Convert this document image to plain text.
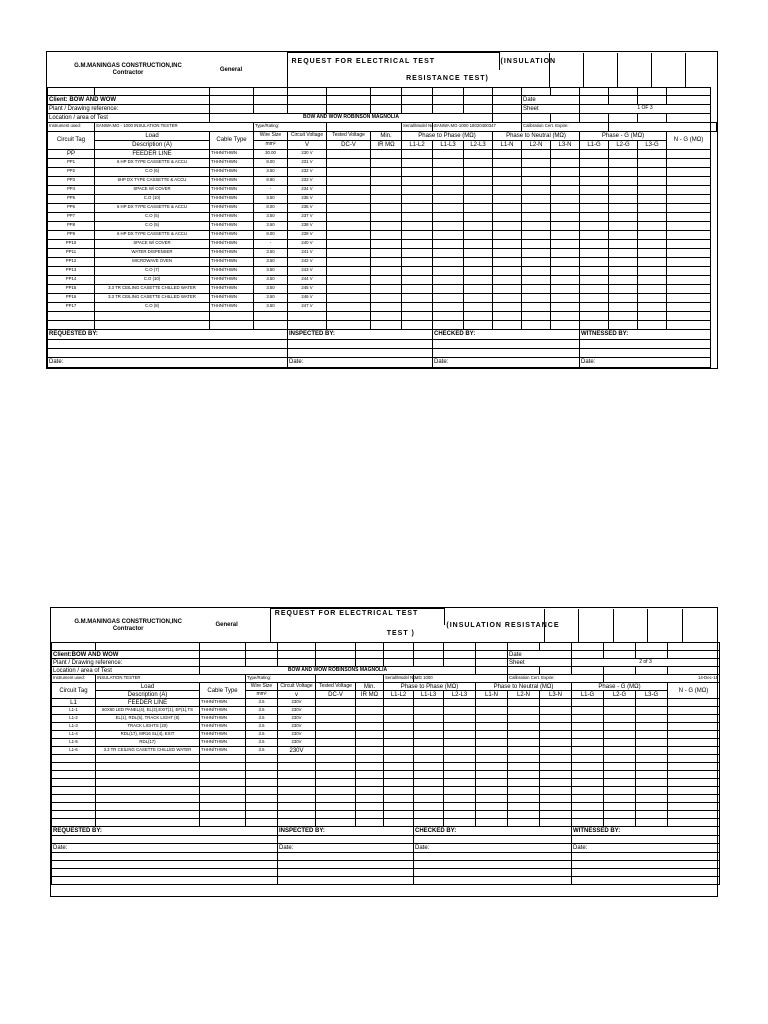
G.M.MANINGAS CONSTRUCTION,INC
Contractor
	General		REQUEST FOR ELECTRICAL TEST	(INSULATION					
RESISTANCE TEST)

Client: BOW AND WOW											Date						
Plant / Drawing reference:											Sheet		1 OF 3				
Location / area of Test		BOW AND WOW ROBINSON MAGNOLIA															
Instrument used:	SANWA MG - 1000 INSULATION TESTER		Type/Rating:				Serial/Model No.:	SANWA MG-1000 18020400347			Calibration Cert. Expire:						
Circuit Tag	Load	Cable Type	Wire Size	Circuit Voltage	Tested Voltage	Min.	Phase to Phase (MΩ)			Phase to Neutral (MΩ)			Phase - G (MΩ)			N - G (MΩ)	
	Description (A)		mm²	V	DC-V	IR MΩ	L1-L2	L1-L3	L2-L3	L1-N	L2-N	L3-N	L1-G	L2-G	L3-G		
PP	FEEDER LINE	THHN/THWN	30.00	230 V													
PP1	6 HP DX TYPE CASSETTE & ACCU	THHN/THWN	8.00	231 V													
PP2	C.O (6)	THHN/THWN	3.50	232 V													
PP3	6HP DX TYPE CASSETTE & ACCU	THHN/THWN	8.80	233 V													
PP4	SPACE W/ COVER	THHN/THWN	-	234 V													
PP5	C.O (10)	THHN/THWN	3.50	235 V													
PP6	6 HP DX TYPE CASSETTE & ACCU	THHN/THWN	8.00	236 V													
PP7	C.O (5)	THHN/THWN	3.50	237 V													
PP8	C.O (5)	THHN/THWN	3.50	238 V													
PP9	6 HP DX TYPE CASSETTE & ACCU	THHN/THWN	8.00	239 V													
PP10	SPACE W/ COVER	THHN/THWN	-	240 V													
PP11	WATER DISPENSER	THHN/THWN	3.50	241 V													
PP12	MICROWAVE OVEN	THHN/THWN	3.50	242 V													
PP13	C.O (7)	THHN/THWN	3.50	243 V													
PP14	C.O (10)	THHN/THWN	3.50	244 V													
PP15	3.3 TR CEILING CASETTE CHILLED WATER	THHN/THWN	3.50	245 V													
PP16	3.3 TR CEILING CASETTE CHILLED WATER	THHN/THWN	3.50	246 V													
PP17	C.O (8)	THHN/THWN	3.50	247 V													

REQUESTED BY:				INSPECTED BY:				CHECKED BY:					WITNESSED BY:				

Date:				Date:				Date:					Date:				
G.M.MANINGAS CONSTRUCTION,INC
Contractor
	General		REQUEST FOR ELECTRICAL TEST	(INSULATION RESISTANCE					
TEST )

Client:BOW AND WOW											Date						
Plant / Drawing reference:											Sheet		2 of 3				
Location / area of Test		BOW AND WOW ROBINSONS MAGNOLIA															
Instrument used:	INSULATION TESTER		Type/Rating:				Serial/Model No.:	MG 1000			Calibration Cert. Expire:			14-Dec-18			
Circuit Tag	Load	Cable Type	Wire Size	Circuit Voltage	Tested Voltage	Min.	Phase to Phase (MΩ)			Phase to Neutral (MΩ)			Phase - G (MΩ)			N - G (MΩ)	
	Description (A)		mm²	v	DC-V	IR MΩ	L1-L2	L1-L3	L2-L3	L1-N	L2-N	L3-N	L1-G	L2-G	L3-G		
L1	FEEDER LINE	THHN/THWN	3.5	230V													
L1-1	60X60 LED PANEL(4), EL(2),EXIT(1), EF(1),TS	THHN/THWN	3.5	230V													
L1-2	EL(1), RDL(5), TRACK LIGHT (8)	THHN/THWN	3.5	230V													
L1-3	TRACK LIGHTS (20)	THHN/THWN	3.5	230V													
L1-4	RDL(17), MR16 SL(4), EXIT	THHN/THWN	3.5	230V													
L1-5	RDL(17)	THHN/THWN	3.5	230V													
L1-6	3.3 TR CEILING CASETTE CHILLED WATER	THHN/THWN	3.5	230V													

REQUESTED BY:				INSPECTED BY:				CHECKED BY:					WITNESSED BY:				

Date:				Date:				Date:					Date:				
